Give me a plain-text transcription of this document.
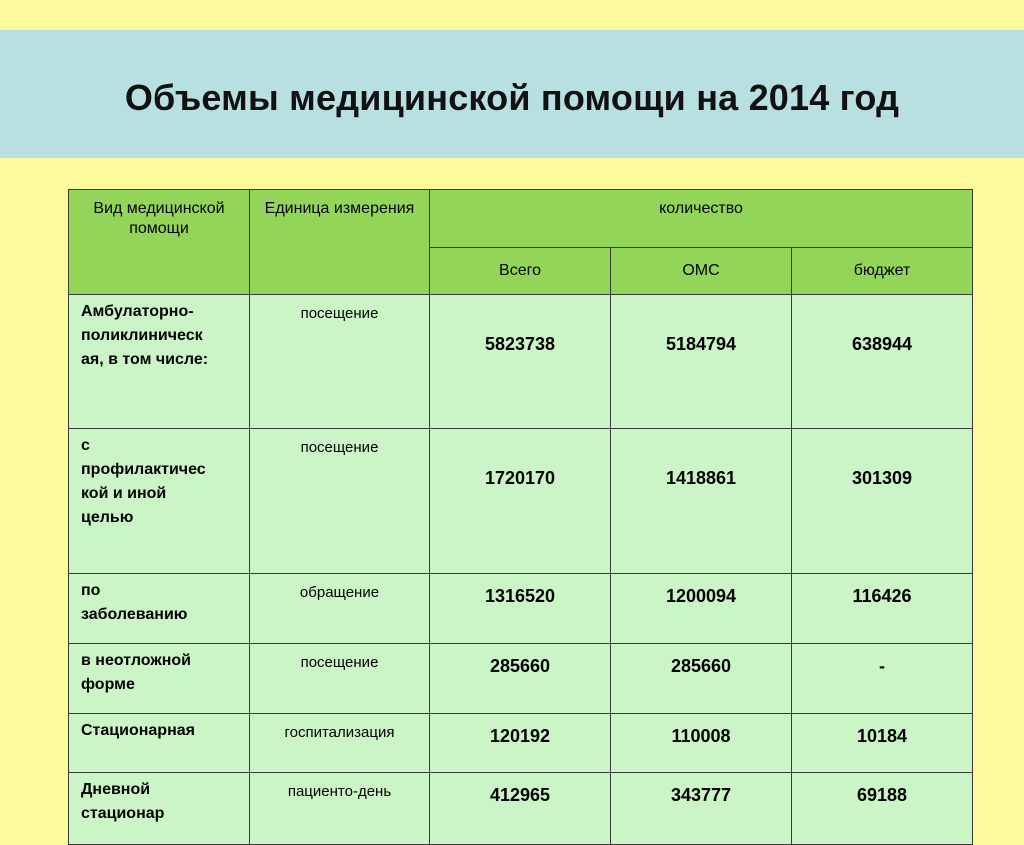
Объемы медицинской помощи на 2014 год
Вид медицинской помощи	Единица измерения	количество		
		Всего	ОМС	бюджет
Амбулаторно-
поликлиническ
ая, в том числе:	посещение	5823738	5184794	638944
с
профилактичес
кой и иной
целью	посещение	1720170	1418861	301309
по
заболеванию	обращение	1316520	1200094	116426
в неотложной
форме	посещение	285660	285660	-
Стационарная	госпитализация	120192	110008	10184
Дневной
стационар	пациенто-день	412965	343777	69188
